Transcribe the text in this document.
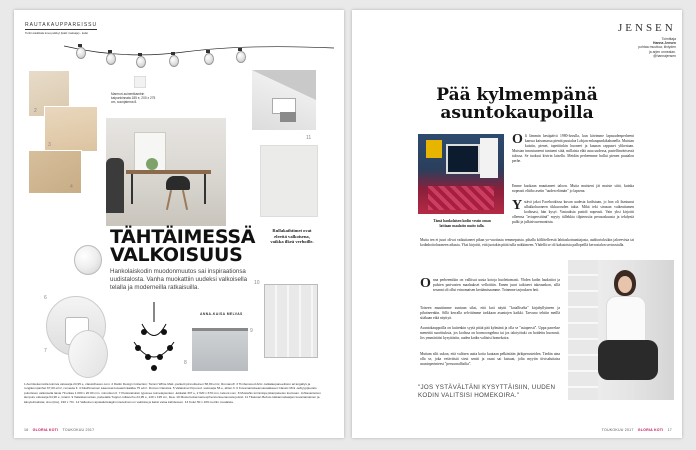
RAUTAKAUPPAREISSU
Torkin kaikkiala kuva pelkkyi (kaiki maksaja) - kalat
2
3
4
Marmori-suinentkambin kalpunkinnata 185 e, 200 x 275 cm, suunjatema 8.
11
TÄHTÄIMESSÄ
VALKOISUUS
Hankolaiskodin muodonmuutos sai inspiraationsa uudistalosta. Vanha muokattiin uudeksi valkoisella telalla ja moderneilla ratkaisuilla.
ANNA-KAISA MELVAS
Rullakaihtimet ovat eleettä valkoisena, vaikka ilkeä verhoille.
6
7
8
9
10
1 Aurinkokennolla toimiva valosarja 24,95 e, classichaven.com. 2 Dattin Design Collection: Tammi White Matt -parketti pinnoitteinen 58,80 e/m², Romanoff. 3 Timberwood Artic -lattialaupaneeliston arrangallys ja rongikompanhet 67,00 e/m², remauta fi. 4 Käsihimeinen kaavosat kuvaterinkatkka 75 e/m². Domus Classica. 5 Valaisimet Kipu-led -valosarja 56 e, ahlen.fi. 6 Kuvamainokeanvanatakseet Classic Mini -ledtyyppievalo pulurissen valkoisella laivia 79 e/kaa 1 000 x 20 00 mm. minunkun.fi. 7 Puskivakuisin tyjussee toimelaytenken -lukkalat 337 e, 2 620 x 670 mm, laisuni.com. 8 Mustahis toimintoja pikanpeketso kuvisoan. Juhlavanterien lampuru valosarja 64,90 e, Granit. 9 Valaiskemarsas, paivetalla Tuppur-rullaverho 24,95 e, 140 x 195 cm, Ikea. 10 Mustorsokat kamexpherstonteenavosta joissit. 11 Tilatuvan Bebus-tukkannoitaarjan kovainainainen ja kävytelmakstai, sisu (ilos), 190 x 79 i. 12 Valkoinen apokaluttelagimmoutelman on valoksia ja kaksi valoa kahdessen. 13 Kolut 50 x 109 metriin moalaisia.
16 GLORIA KOTI TOUKOKUU 2017
JENSEN
Toimittaja
Hanna Jensen
pohtaa muuttoa, tiiviyden
ja arjen onnealan.
@hannajensen
Pää kylmempänä
asuntokaupoilla
Tämä haukolaisen kodin vessin oman lattiaan maalattu matto talla.
O li lämmin kesäpäivä 1980-luvulla, kun kävimme lapsuudenperheeni kanssa katsomassa pientä puutaloa Lohjan enkaupunkikahanella. Muistan kuistin, pienet, tapettiinkin huoneet ja kaunan rappuset ylikertaan. Muistan innostuneeni tuntueni siitä, millaista elää asua uudessa, pastellinvärisessä talossa. Se tuoksui kivirin laisella. Meidän perheemme hullui pienen puutalon perhe.
Emme kuokaan muuttaneet taloon. Mutta muisteni jäi muiste siitä, kuinka nopeasti elitibo asetin "uuden elämän" jo lapsena.
Y stävä jakoi Facebookissa kuvan uudesta kodistaan, jo hon oli ihastunut ullakkohuoneen tikkuoosden takia. Mikä teki sinusan vaikeuttamen kodissasi, hän kysyi. Vastauksia puttoli nopeasti. Vain yksi kirjoitti olleensa "aviaperstitinä" myyty tällekkia tilpierustia perusaskuusta ja tekdyniä pulki ja julkisivuremontista.
Mutta ten ei juuri olivat vaikuttaneet pikan yo-vuotiasta remmepaista. pihalla köllötelleestä lahtiaskoinuntiajasta, auditorioksikin jaloeevista tai kodinhoitohuoneen aikasta. Yksi kirjoitti, että juotakin pitää tulla nokkimeen. Yhdellä se oli kakutoisia pallopeillä kerrostalon sertoostalla.
O nna perheemikin on vallitsut uusia kotoja huolettomasti. Yhden kodin laudattiot ja pulsten parivasten maalaukset velloittiin. Ennen juuri taikioeet takeaunkon, sillä sesanni oli ollut erinomaisen keräämisaamme. Toinenne tarjouksen heti.
Toiseen muuttimme suntuun siksi, että koti näytti "kotalliselta" kirjahyllyineen ja pihoineenkin. Sillä kerralla selvittimme tarkkaan asuntojen kaikki. Tarvuno tehtiin meillä sitäkaan eikä näyttyä.
Asuntokauppoilla on kuitenkin syytä pitää pää kylmänä ja olla se "asiapersti". Uppa parrekse menettiä suorittuksia, jos kodissa on hormoongelma tai jos talotyötuki on hoidettu huonosti. Jos ymmärtäisi kysyttäsiin, uuden kodin valitsisi homekoira.
Muttam silti uskon, että valitsen uutta kotia kuutaan pelkästään järkiperusteiden. Tiedän aina olla se, joka vetäväistä sivut sentti ja osaat sai kaisuat, jolta myytin tiivisaluttaisa asuntoperinteesi "persoonallisilta".
"JOS YSTÄVÄLTÄNI KYSYTTÄISIIN, UUDEN KODIN VALITSISI HOMEKOIRA."
TOUKOKUU 2017 GLORIA KOTI 17
